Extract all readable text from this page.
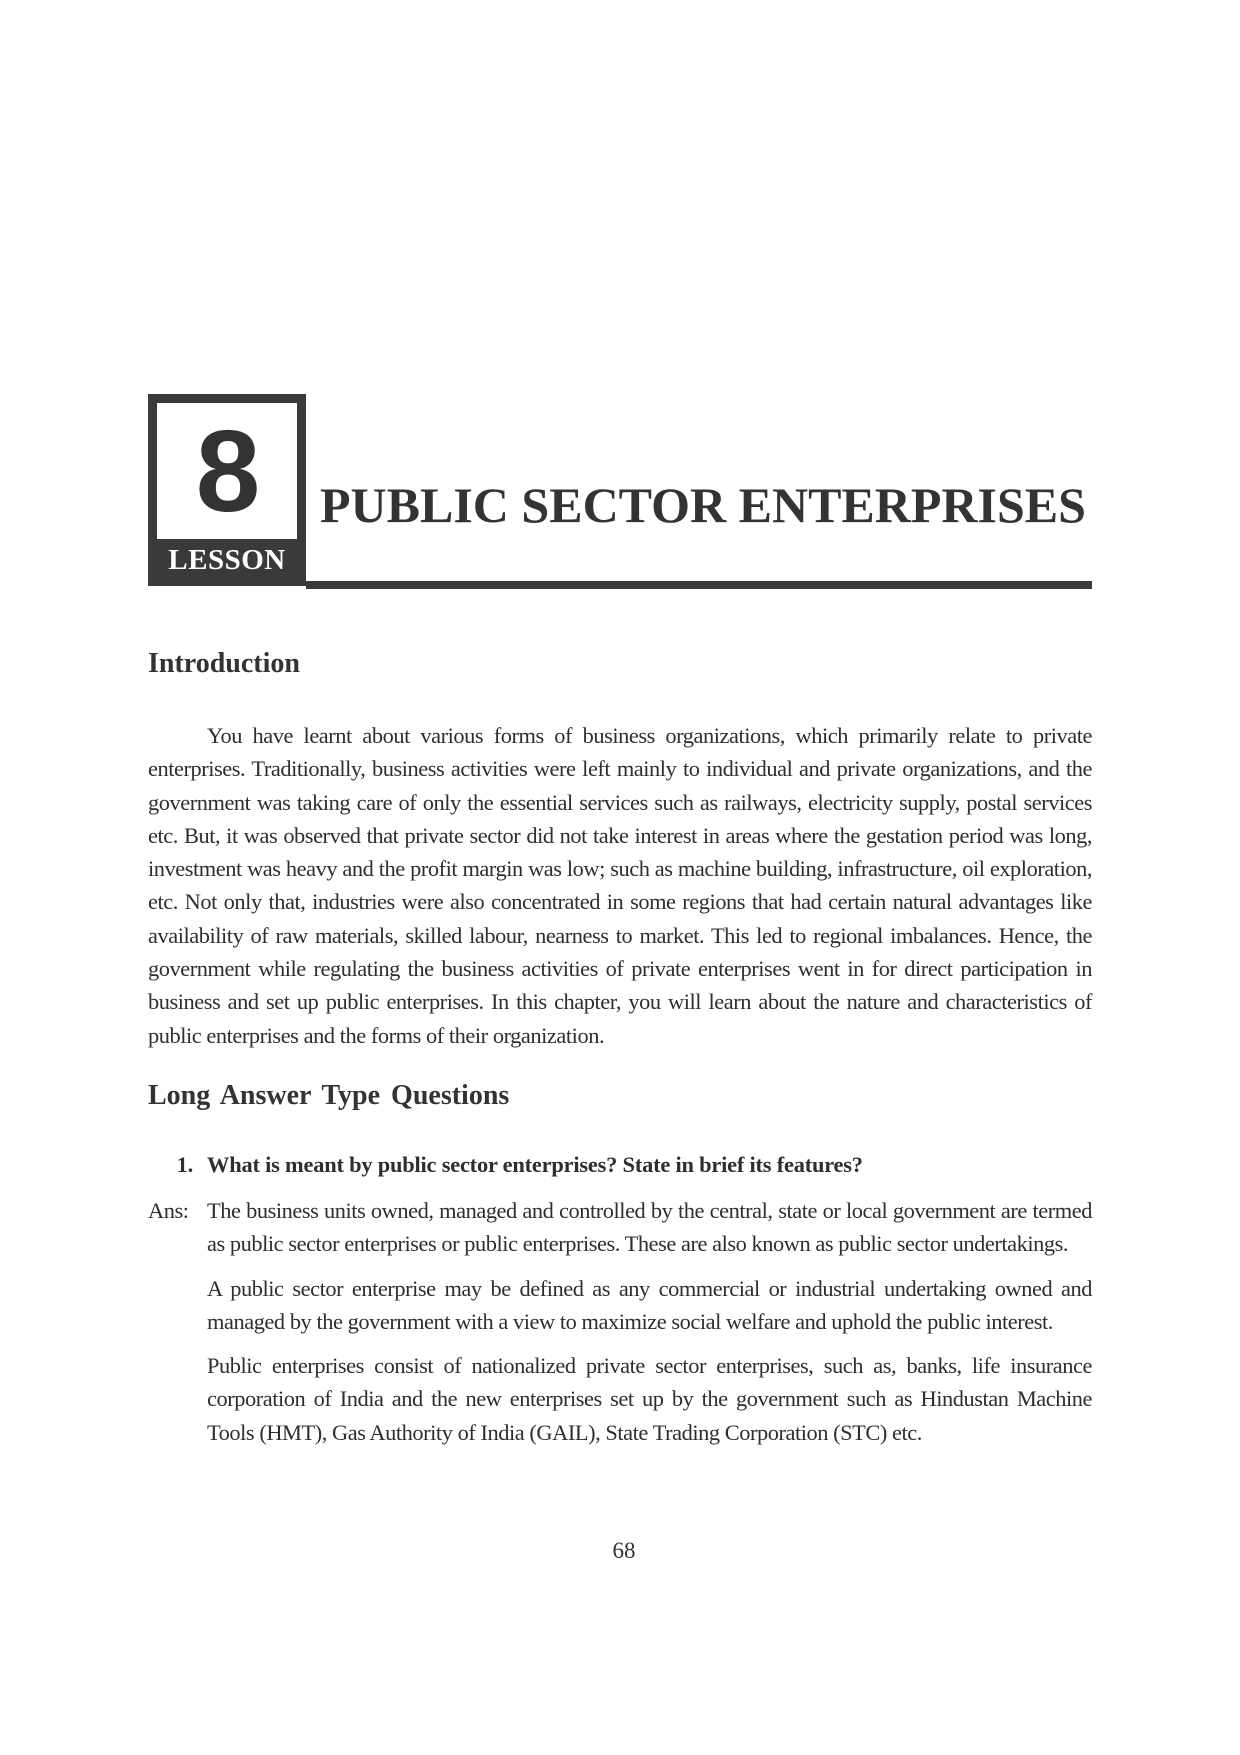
8
LESSON
PUBLIC SECTOR ENTERPRISES
Introduction

You have learnt about various forms of business organizations, which primarily relate to private enterprises. Traditionally, business activities were left mainly to individual and private organizations, and the government was taking care of only the essential services such as railways, electricity supply, postal services etc. But, it was observed that private sector did not take interest in areas where the gestation period was long, investment was heavy and the profit margin was low; such as machine building, infrastructure, oil exploration, etc. Not only that, industries were also concentrated in some regions that had certain natural advantages like availability of raw materials, skilled labour, nearness to market. This led to regional imbalances. Hence, the government while regulating the business activities of private enterprises went in for direct participation in business and set up public enterprises. In this chapter, you will learn about the nature and characteristics of public enterprises and the forms of their organization.

Long Answer Type Questions
1. What is meant by public sector enterprises? State in brief its features?
Ans: The business units owned, managed and controlled by the central, state or local government are termed as public sector enterprises or public enterprises. These are also known as public sector undertakings.

A public sector enterprise may be defined as any commercial or industrial undertaking owned and managed by the government with a view to maximize social welfare and uphold the public interest.

Public enterprises consist of nationalized private sector enterprises, such as, banks, life insurance corporation of India and the new enterprises set up by the government such as Hindustan Machine Tools (HMT), Gas Authority of India (GAIL), State Trading Corporation (STC) etc.

68
